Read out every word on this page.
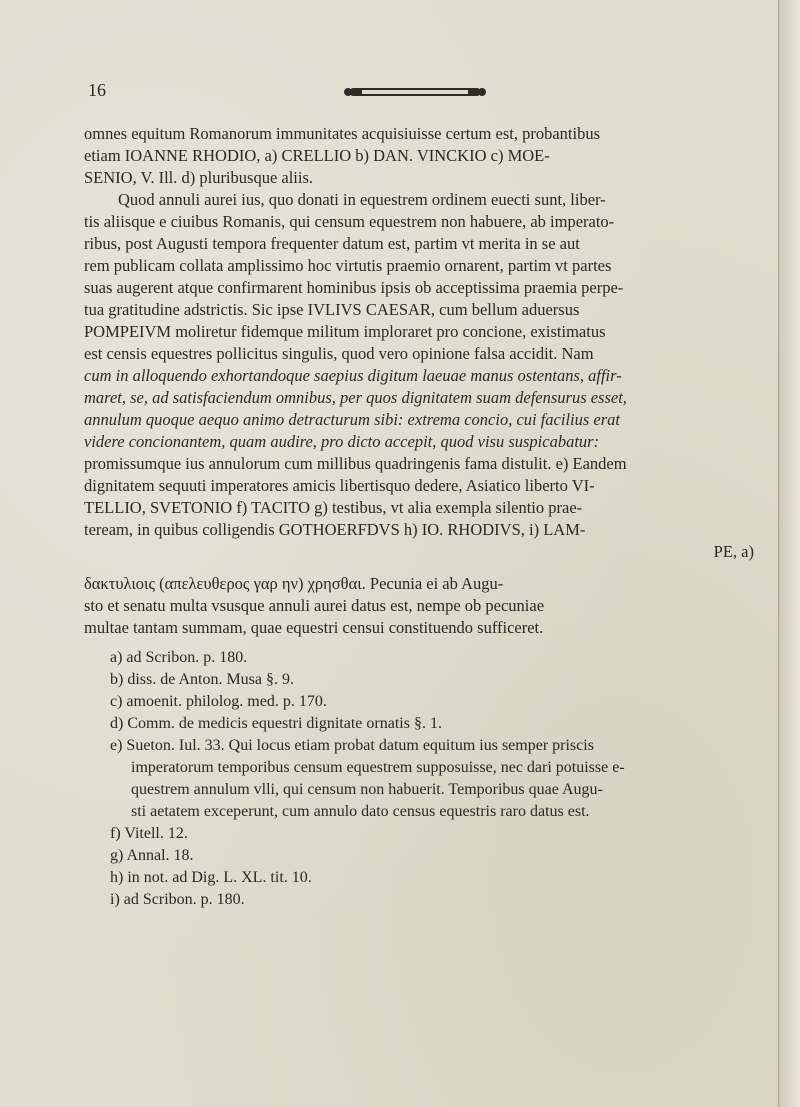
16
omnes equitum Romanorum immunitates acquisiuisse certum est, probantibus
etiam IOANNE RHODIO, a) CRELLIO b) DAN. VINCKIO c) MOE-
SENIO, V. Ill. d) pluribusque aliis.
Quod annuli aurei ius, quo donati in equestrem ordinem euecti sunt, liber-
tis aliisque e ciuibus Romanis, qui censum equestrem non habuere, ab imperato-
ribus, post Augusti tempora frequenter datum est, partim vt merita in se aut
rem publicam collata amplissimo hoc virtutis praemio ornarent, partim vt partes
suas augerent atque confirmarent hominibus ipsis ob acceptissima praemia perpe-
tua gratitudine adstrictis. Sic ipse IVLIVS CAESAR, cum bellum aduersus
POMPEIVM moliretur fidemque militum imploraret pro concione, existimatus
est censis equestres pollicitus singulis, quod vero opinione falsa accidit. Nam
cum in alloquendo exhortandoque saepius digitum laeuae manus ostentans, affir-
maret, se, ad satisfaciendum omnibus, per quos dignitatem suam defensurus esset,
annulum quoque aequo animo detracturum sibi: extrema concio, cui facilius erat
videre concionantem, quam audire, pro dicto accepit, quod visu suspicabatur:
promissumque ius annulorum cum millibus quadringenis fama distulit. e) Eandem
dignitatem sequuti imperatores amicis libertisquo dedere, Asiatico liberto VI-
TELLIO, SVETONIO f) TACITO g) testibus, vt alia exempla silentio prae-
teream, in quibus colligendis GOTHOERFDVS h) IO. RHODIVS, i) LAM-
PE, a)
δακτυλιοις (απελευθερος γαρ ην) χρησθαι. Pecunia ei ab Augu-
sto et senatu multa vsusque annuli aurei datus est, nempe ob pecuniae
multae tantam summam, quae equestri censui constituendo sufficeret.
a) ad Scribon. p. 180.
b) diss. de Anton. Musa §. 9.
c) amoenit. philolog. med. p. 170.
d) Comm. de medicis equestri dignitate ornatis §. 1.
e) Sueton. Iul. 33. Qui locus etiam probat datum equitum ius semper priscis
imperatorum temporibus censum equestrem supposuisse, nec dari potuisse e-
questrem annulum vlli, qui censum non habuerit. Temporibus quae Augu-
sti aetatem exceperunt, cum annulo dato census equestris raro datus est.
f) Vitell. 12.
g) Annal. 18.
h) in not. ad Dig. L. XL. tit. 10.
i) ad Scribon. p. 180.
